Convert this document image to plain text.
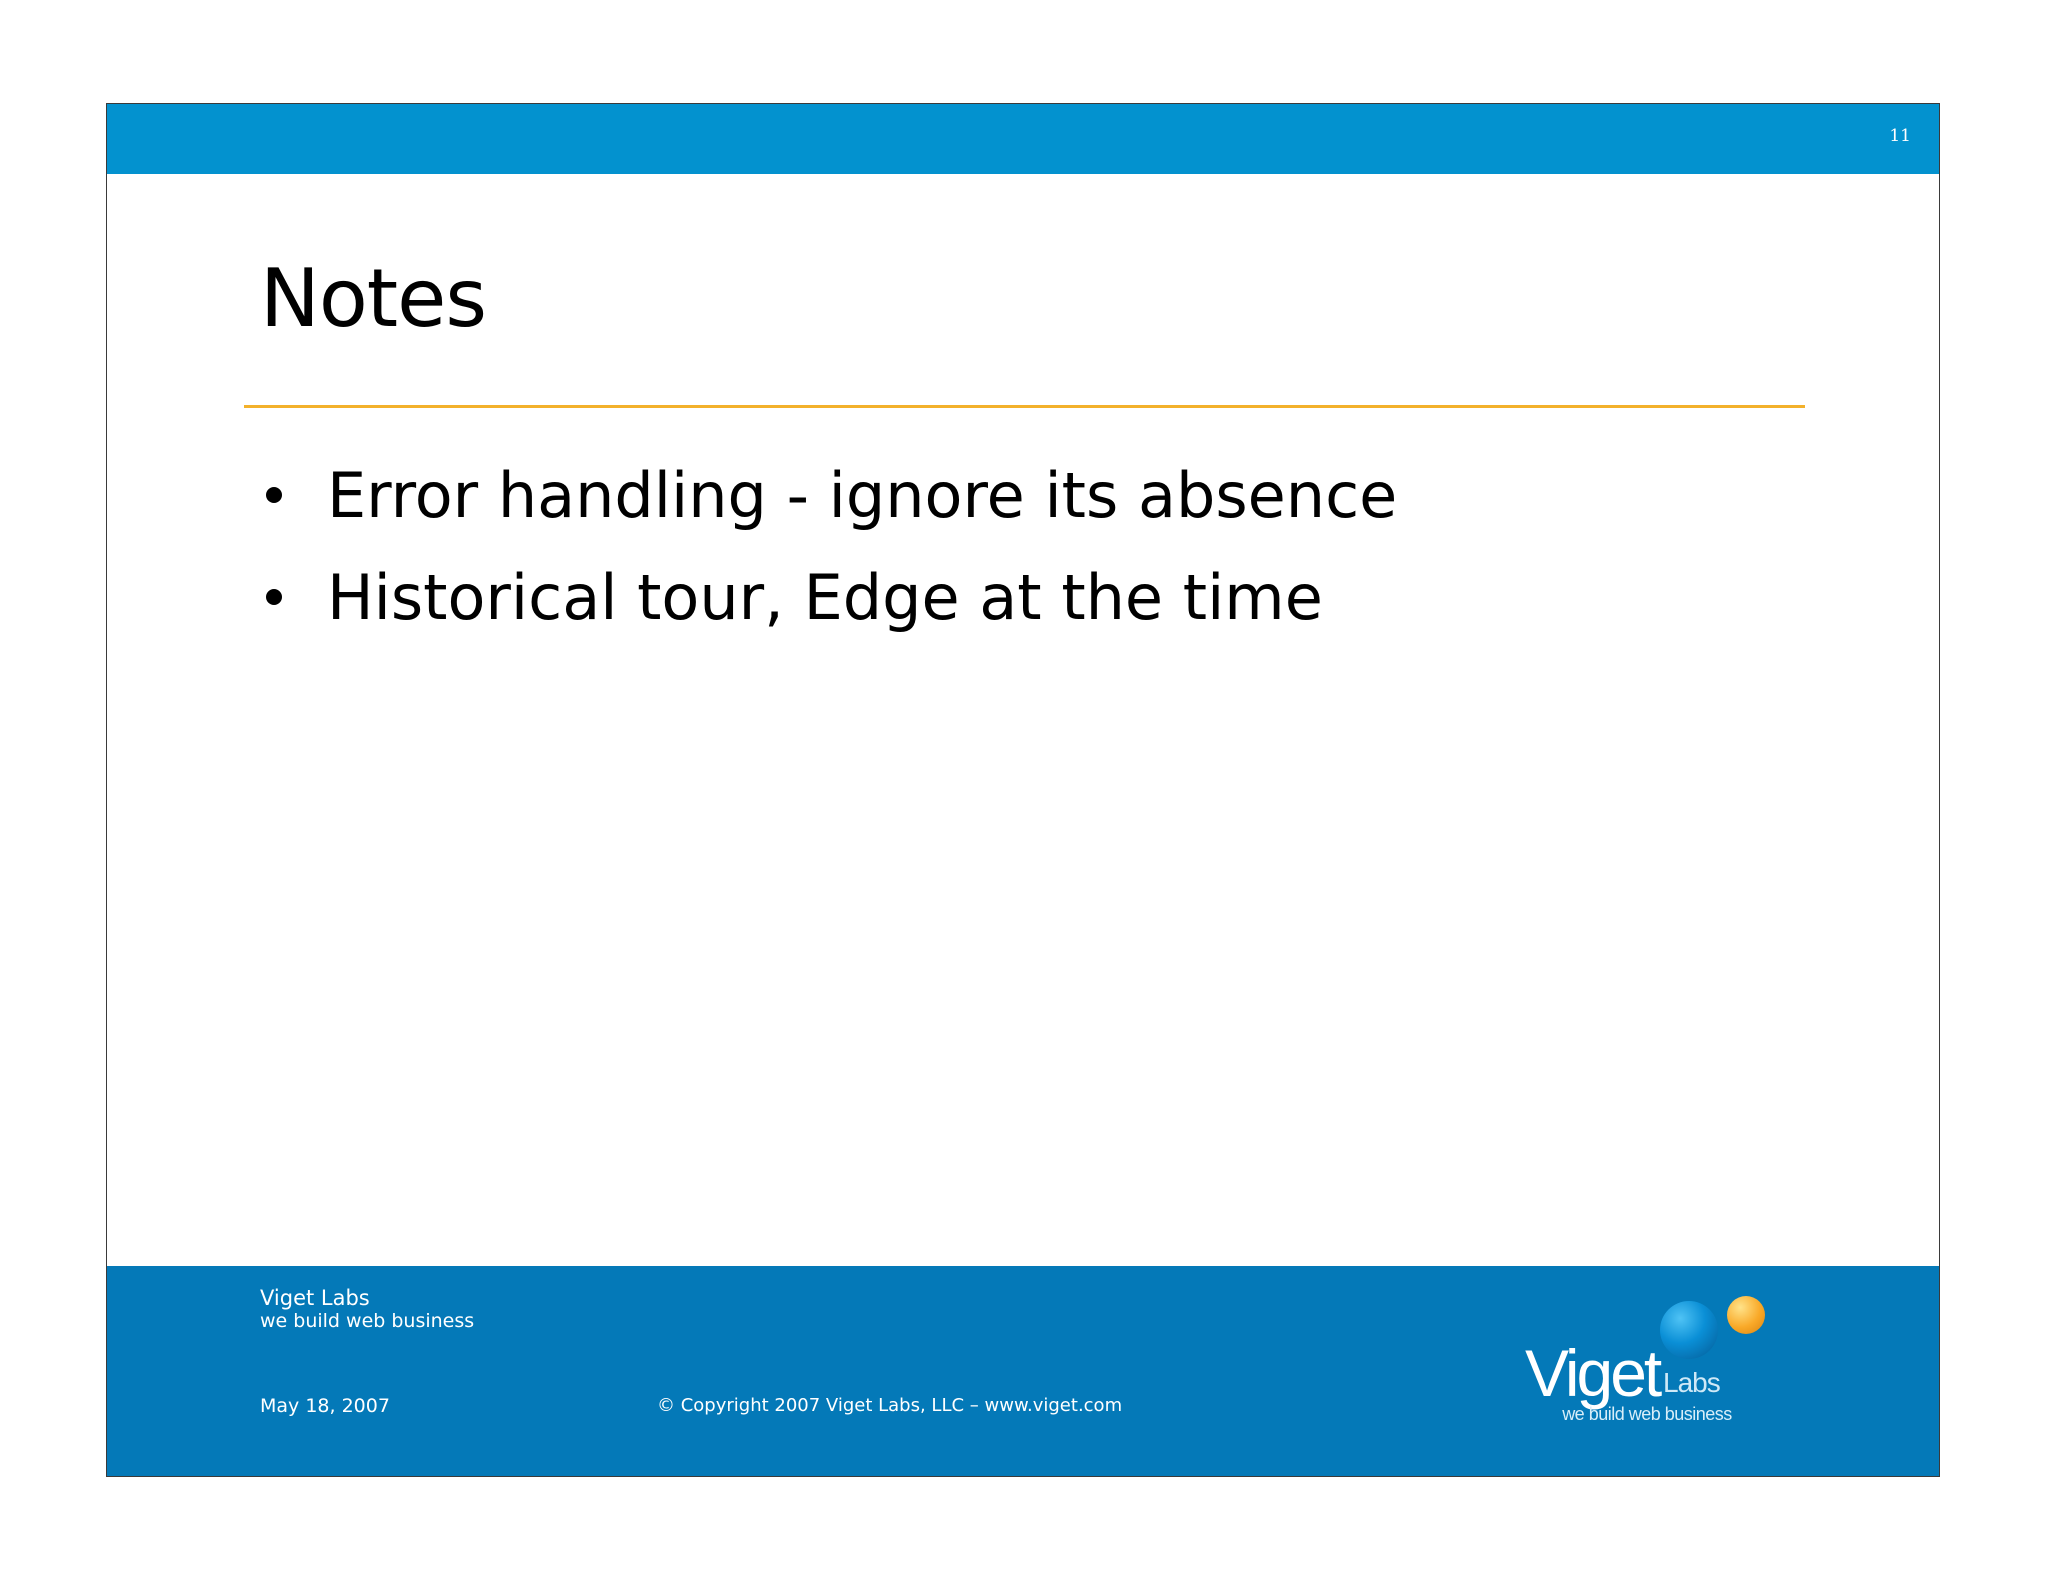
11
Notes
Error handling - ignore its absence
Historical tour, Edge at the time
Viget Labs
we build web business
May 18, 2007	© Copyright 2007 Viget Labs, LLC – www.viget.com	Viget Labs
we build web business
